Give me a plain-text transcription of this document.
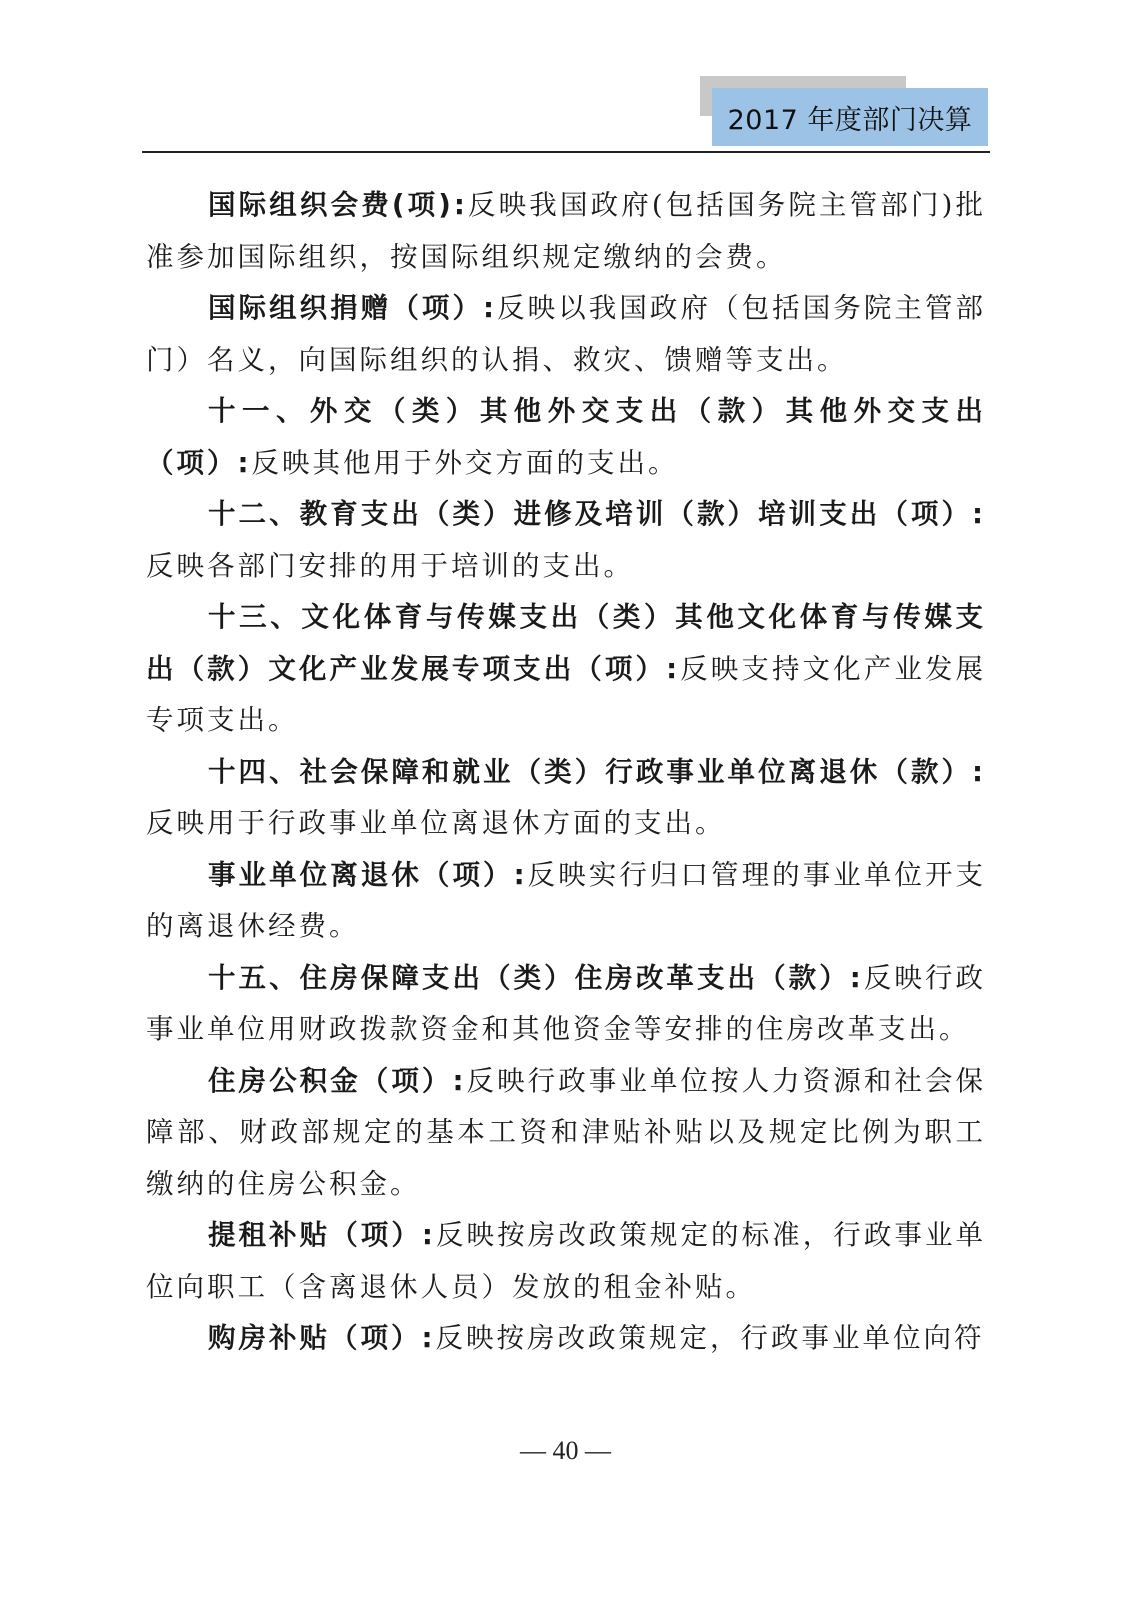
2017 年度部门决算

国际组织会费(项):反映我国政府(包括国务院主管部门)批准参加国际组织，按国际组织规定缴纳的会费。

国际组织捐赠（项）:反映以我国政府（包括国务院主管部门）名义，向国际组织的认捐、救灾、馈赠等支出。

十一、外交（类）其他外交支出（款）其他外交支出（项）:反映其他用于外交方面的支出。

十二、教育支出（类）进修及培训（款）培训支出（项）:反映各部门安排的用于培训的支出。

十三、文化体育与传媒支出（类）其他文化体育与传媒支出（款）文化产业发展专项支出（项）:反映支持文化产业发展专项支出。

十四、社会保障和就业（类）行政事业单位离退休（款）:反映用于行政事业单位离退休方面的支出。

事业单位离退休（项）:反映实行归口管理的事业单位开支的离退休经费。

十五、住房保障支出（类）住房改革支出（款）:反映行政事业单位用财政拨款资金和其他资金等安排的住房改革支出。

住房公积金（项）:反映行政事业单位按人力资源和社会保障部、财政部规定的基本工资和津贴补贴以及规定比例为职工缴纳的住房公积金。

提租补贴（项）:反映按房改政策规定的标准，行政事业单位向职工（含离退休人员）发放的租金补贴。

购房补贴（项）:反映按房改政策规定，行政事业单位向符

— 40 —
